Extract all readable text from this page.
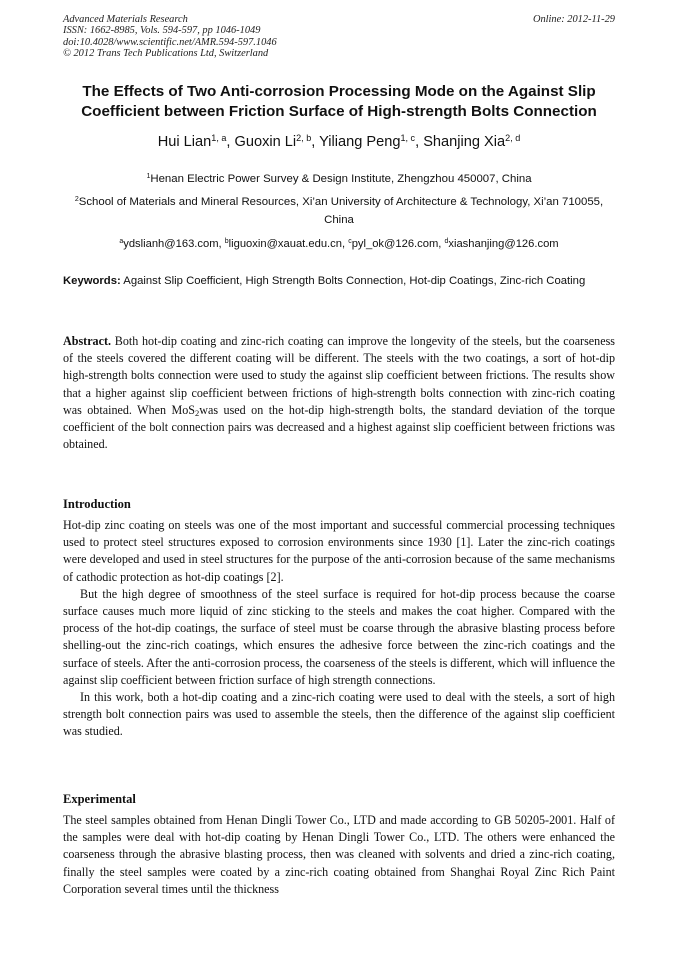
Advanced Materials Research
ISSN: 1662-8985, Vols. 594-597, pp 1046-1049
doi:10.4028/www.scientific.net/AMR.594-597.1046
© 2012 Trans Tech Publications Ltd, Switzerland
Online: 2012-11-29
The Effects of Two Anti-corrosion Processing Mode on the Against Slip
Coefficient between Friction Surface of High-strength Bolts Connection
Hui Lian$^{1, a}$, Guoxin Li$^{2, b}$, Yiliang Peng$^{1, c}$, Shanjing Xia$^{2, d}$
$^1$Henan Electric Power Survey & Design Institute, Zhengzhou 450007, China
$^2$School of Materials and Mineral Resources, Xi’an University of Architecture & Technology, Xi’an 710055, China
$^a$ydslianh@163.com, $^b$liguoxin@xauat.edu.cn, $^c$pyl_ok@126.com, $^d$xiashanjing@126.com
Keywords: Against Slip Coefficient, High Strength Bolts Connection, Hot-dip Coatings, Zinc-rich Coating
Abstract. Both hot-dip coating and zinc-rich coating can improve the longevity of the steels, but the coarseness of the steels covered the different coating will be different. The steels with the two coatings, a sort of hot-dip high-strength bolts connection were used to study the against slip coefficient between frictions. The results show that a higher against slip coefficient between frictions of high-strength bolts connection with zinc-rich coating was obtained. When MoS$_2$was used on the hot-dip high-strength bolts, the standard deviation of the torque coefficient of the bolt connection pairs was decreased and a highest against slip coefficient between frictions was obtained.
Introduction

Hot-dip zinc coating on steels was one of the most important and successful commercial processing techniques used to protect steel structures exposed to corrosion environments since 1930 [1]. Later the zinc-rich coatings were developed and used in steel structures for the purpose of the anti-corrosion because of the same mechanisms of cathodic protection as hot-dip coatings [2].

But the high degree of smoothness of the steel surface is required for hot-dip process because the coarse surface causes much more liquid of zinc sticking to the steels and makes the coat higher. Compared with the process of the hot-dip coatings, the surface of steel must be coarse through the abrasive blasting process before shelling-out the zinc-rich coatings, which ensures the adhesive force between the zinc-rich coatings and the surface of steels. After the anti-corrosion process, the coarseness of the steels is different, which will influence the against slip coefficient between friction surface of high strength connections.

In this work, both a hot-dip coating and a zinc-rich coating were used to deal with the steels, a sort of high strength bolt connection pairs was used to assemble the steels, then the difference of the against slip coefficient was studied.

Experimental

The steel samples obtained from Henan Dingli Tower Co., LTD and made according to GB 50205-2001. Half of the samples were deal with hot-dip coating by Henan Dingli Tower Co., LTD. The others were enhanced the coarseness through the abrasive blasting process, then was cleaned with solvents and dried a zinc-rich coating, finally the steel samples were coated by a zinc-rich coating obtained from Shanghai Royal Zinc Rich Paint Corporation several times until the thickness
